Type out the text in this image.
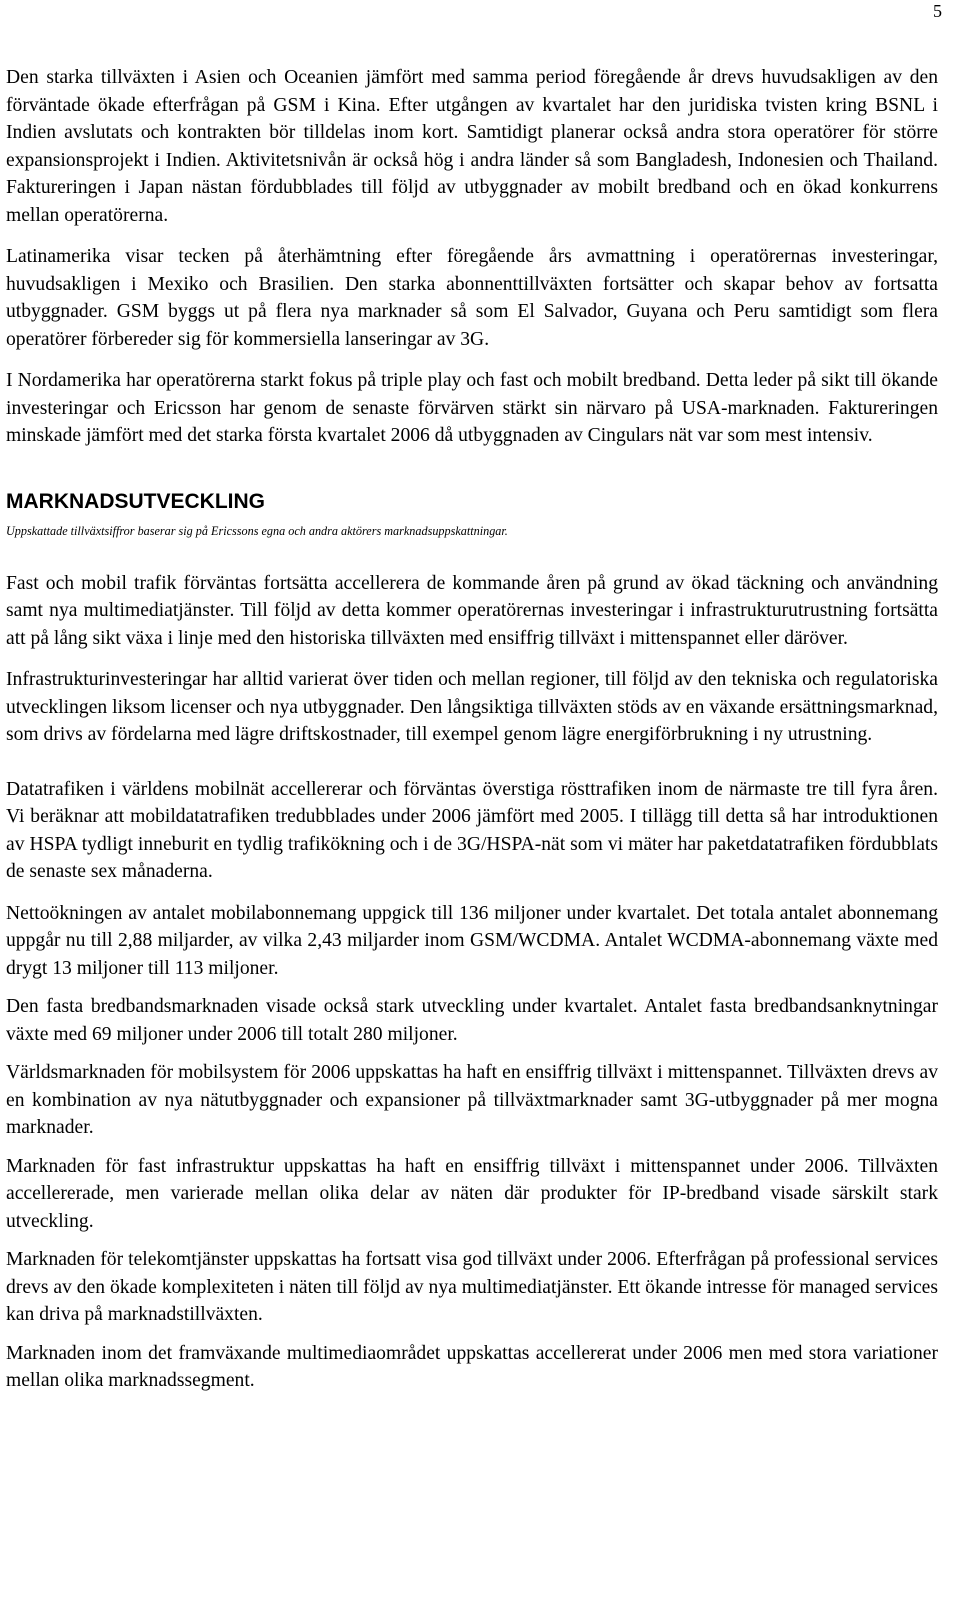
5

Den starka tillväxten i Asien och Oceanien jämfört med samma period föregående år drevs huvudsakligen av den förväntade ökade efterfrågan på GSM i Kina. Efter utgången av kvartalet har den juridiska tvisten kring BSNL i Indien avslutats och kontrakten bör tilldelas inom kort. Samtidigt planerar också andra stora operatörer för större expansionsprojekt i Indien. Aktivitetsnivån är också hög i andra länder så som Bangladesh, Indonesien och Thailand. Faktureringen i Japan nästan fördubblades till följd av utbyggnader av mobilt bredband och en ökad konkurrens mellan operatörerna.

Latinamerika visar tecken på återhämtning efter föregående års avmattning i operatörernas investeringar, huvudsakligen i Mexiko och Brasilien. Den starka abonnenttillväxten fortsätter och skapar behov av fortsatta utbyggnader. GSM byggs ut på flera nya marknader så som El Salvador, Guyana och Peru samtidigt som flera operatörer förbereder sig för kommersiella lanseringar av 3G.

I Nordamerika har operatörerna starkt fokus på triple play och fast och mobilt bredband. Detta leder på sikt till ökande investeringar och Ericsson har genom de senaste förvärven stärkt sin närvaro på USA-marknaden. Faktureringen minskade jämfört med det starka första kvartalet 2006 då utbyggnaden av Cingulars nät var som mest intensiv.

MARKNADSUTVECKLING
Uppskattade tillväxtsiffror baserar sig på Ericssons egna och andra aktörers marknadsuppskattningar.

Fast och mobil trafik förväntas fortsätta accellerera de kommande åren på grund av ökad täckning och användning samt nya multimediatjänster. Till följd av detta kommer operatörernas investeringar i infrastrukturutrustning fortsätta att på lång sikt växa i linje med den historiska tillväxten med ensiffrig tillväxt i mittenspannet eller däröver.

Infrastrukturinvesteringar har alltid varierat över tiden och mellan regioner, till följd av den tekniska och regulatoriska utvecklingen liksom licenser och nya utbyggnader. Den långsiktiga tillväxten stöds av en växande ersättningsmarknad, som drivs av fördelarna med lägre driftskostnader, till exempel genom lägre energiförbrukning i ny utrustning.

Datatrafiken i världens mobilnät accellererar och förväntas överstiga rösttrafiken inom de närmaste tre till fyra åren. Vi beräknar att mobildatatrafiken tredubblades under 2006 jämfört med 2005. I tillägg till detta så har introduktionen av HSPA tydligt inneburit en tydlig trafikökning och i de 3G/HSPA-nät som vi mäter har paketdatatrafiken fördubblats de senaste sex månaderna.

Nettoökningen av antalet mobilabonnemang uppgick till 136 miljoner under kvartalet. Det totala antalet abonnemang uppgår nu till 2,88 miljarder, av vilka 2,43 miljarder inom GSM/WCDMA. Antalet WCDMA-abonnemang växte med drygt 13 miljoner till 113 miljoner.

Den fasta bredbandsmarknaden visade också stark utveckling under kvartalet. Antalet fasta bredbandsanknytningar växte med 69 miljoner under 2006 till totalt 280 miljoner.

Världsmarknaden för mobilsystem för 2006 uppskattas ha haft en ensiffrig tillväxt i mittenspannet. Tillväxten drevs av en kombination av nya nätutbyggnader och expansioner på tillväxtmarknader samt 3G-utbyggnader på mer mogna marknader.

Marknaden för fast infrastruktur uppskattas ha haft en ensiffrig tillväxt i mittenspannet under 2006. Tillväxten accellererade, men varierade mellan olika delar av näten där produkter för IP-bredband visade särskilt stark utveckling.

Marknaden för telekomtjänster uppskattas ha fortsatt visa god tillväxt under 2006. Efterfrågan på professional services drevs av den ökade komplexiteten i näten till följd av nya multimediatjänster. Ett ökande intresse för managed services kan driva på marknadstillväxten.

Marknaden inom det framväxande multimediaområdet uppskattas accellererat under 2006 men med stora variationer mellan olika marknadssegment.
